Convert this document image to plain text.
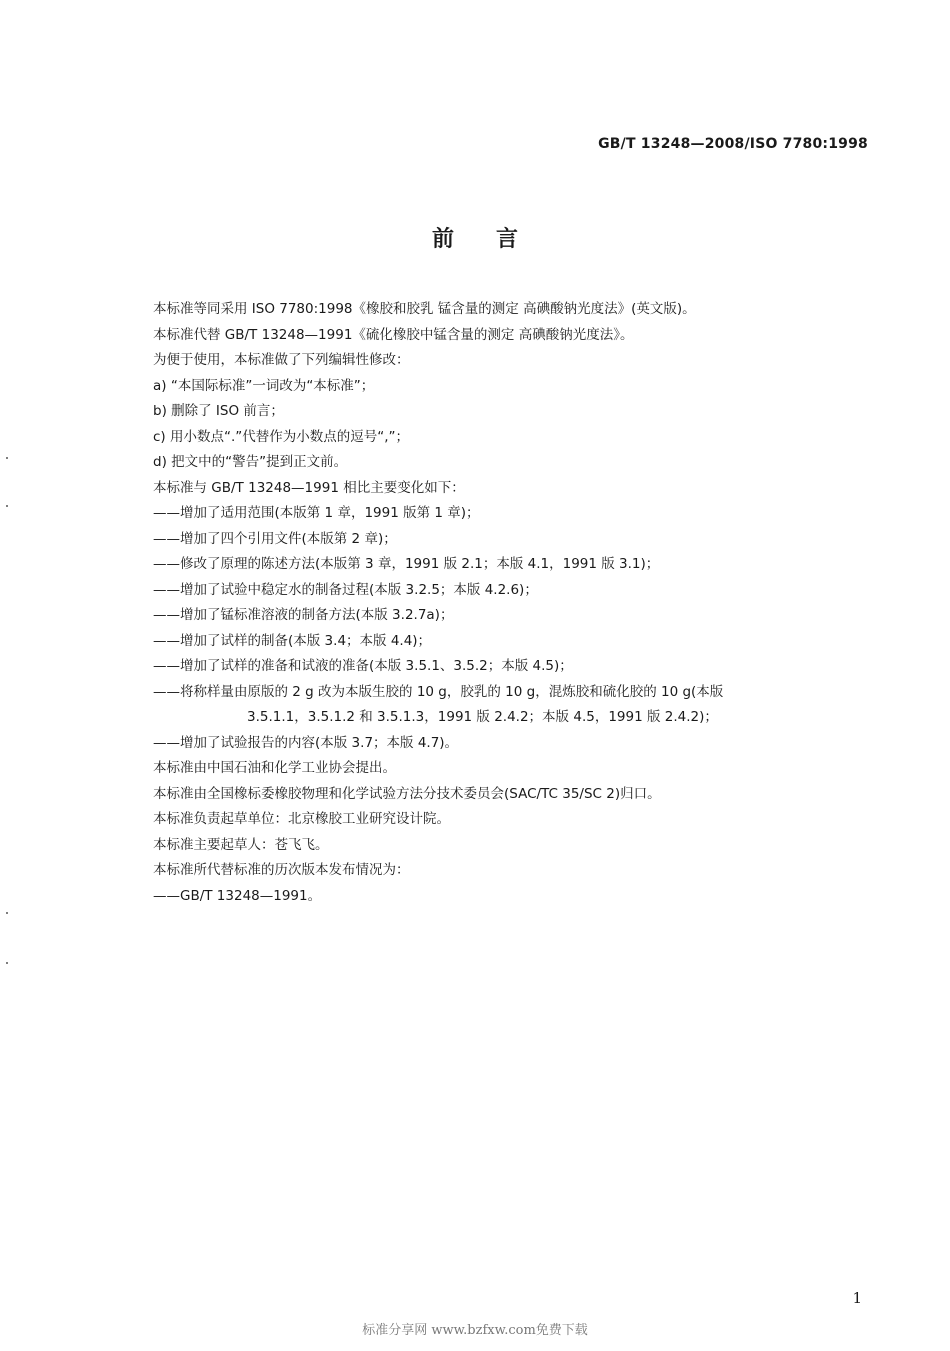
GB/T 13248—2008/ISO 7780:1998
前言
本标准等同采用 ISO 7780:1998《橡胶和胶乳 锰含量的测定 高碘酸钠光度法》(英文版)。
本标准代替 GB/T 13248—1991《硫化橡胶中锰含量的测定 高碘酸钠光度法》。
为便于使用，本标准做了下列编辑性修改：
a) “本国际标准”一词改为“本标准”；
b) 删除了 ISO 前言；
c) 用小数点“.”代替作为小数点的逗号“,”；
d) 把文中的“警告”提到正文前。
本标准与 GB/T 13248—1991 相比主要变化如下：
——增加了适用范围(本版第 1 章，1991 版第 1 章)；
——增加了四个引用文件(本版第 2 章)；
——修改了原理的陈述方法(本版第 3 章，1991 版 2.1；本版 4.1，1991 版 3.1)；
——增加了试验中稳定水的制备过程(本版 3.2.5；本版 4.2.6)；
——增加了锰标准溶液的制备方法(本版 3.2.7a)；
——增加了试样的制备(本版 3.4；本版 4.4)；
——增加了试样的准备和试液的准备(本版 3.5.1、3.5.2；本版 4.5)；
——将称样量由原版的 2 g 改为本版生胶的 10 g，胶乳的 10 g，混炼胶和硫化胶的 10 g(本版
3.5.1.1，3.5.1.2 和 3.5.1.3，1991 版 2.4.2；本版 4.5，1991 版 2.4.2)；
——增加了试验报告的内容(本版 3.7；本版 4.7)。
本标准由中国石油和化学工业协会提出。
本标准由全国橡标委橡胶物理和化学试验方法分技术委员会(SAC/TC 35/SC 2)归口。
本标准负责起草单位：北京橡胶工业研究设计院。
本标准主要起草人：苍飞飞。
本标准所代替标准的历次版本发布情况为：
——GB/T 13248—1991。
1
标准分享网 www.bzfxw.com免费下载
